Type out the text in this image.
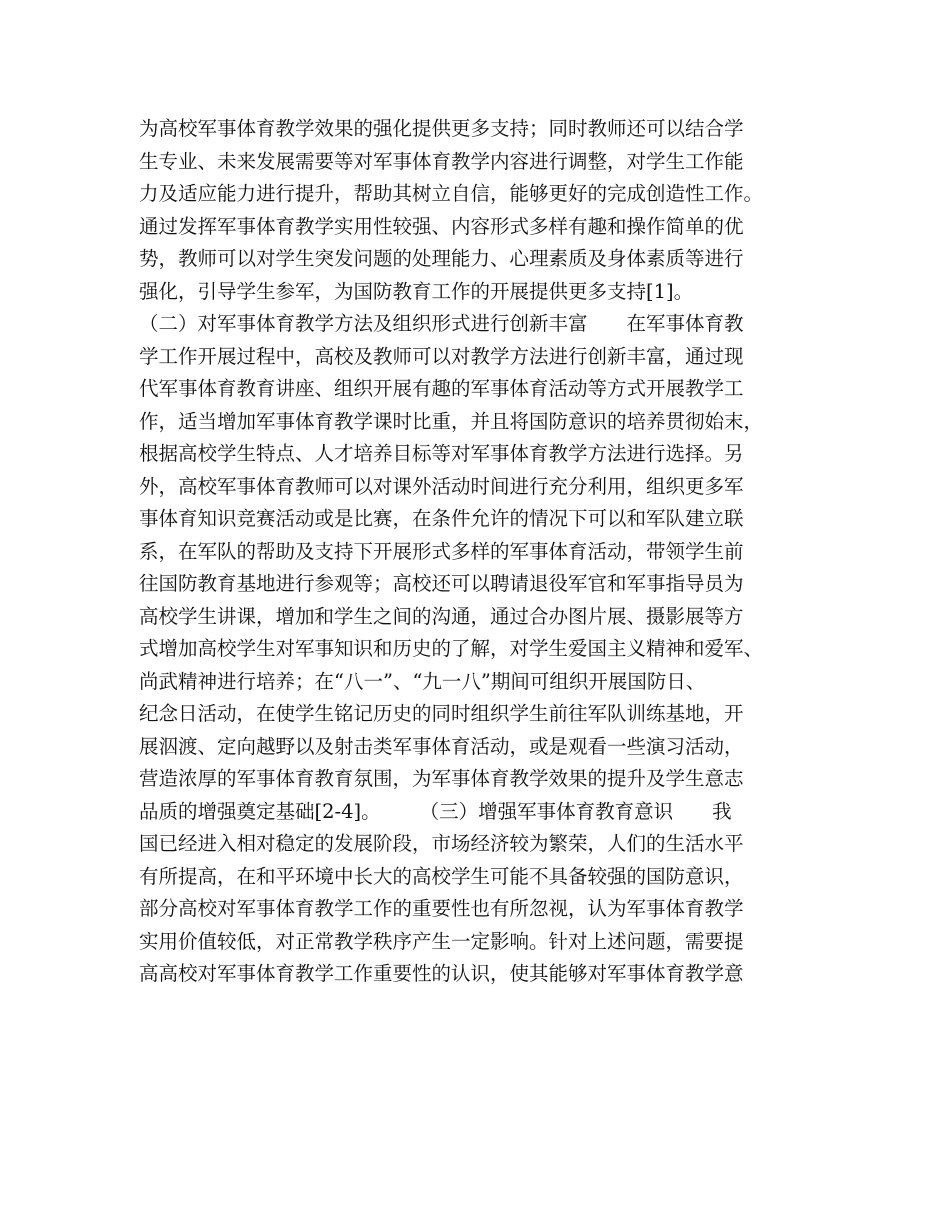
为高校军事体育教学效果的强化提供更多支持；同时教师还可以结合学
生专业、未来发展需要等对军事体育教学内容进行调整，对学生工作能
力及适应能力进行提升，帮助其树立自信，能够更好的完成创造性工作。
通过发挥军事体育教学实用性较强、内容形式多样有趣和操作简单的优
势，教师可以对学生突发问题的处理能力、心理素质及身体素质等进行
强化，引导学生参军，为国防教育工作的开展提供更多支持[1]。
（二）对军事体育教学方法及组织形式进行创新丰富　　在军事体育教
学工作开展过程中，高校及教师可以对教学方法进行创新丰富，通过现
代军事体育教育讲座、组织开展有趣的军事体育活动等方式开展教学工
作，适当增加军事体育教学课时比重，并且将国防意识的培养贯彻始末，
根据高校学生特点、人才培养目标等对军事体育教学方法进行选择。另
外，高校军事体育教师可以对课外活动时间进行充分利用，组织更多军
事体育知识竞赛活动或是比赛，在条件允许的情况下可以和军队建立联
系，在军队的帮助及支持下开展形式多样的军事体育活动，带领学生前
往国防教育基地进行参观等；高校还可以聘请退役军官和军事指导员为
高校学生讲课，增加和学生之间的沟通，通过合办图片展、摄影展等方
式增加高校学生对军事知识和历史的了解，对学生爱国主义精神和爱军、
尚武精神进行培养；在“八一”、“九一八”期间可组织开展国防日、
纪念日活动，在使学生铭记历史的同时组织学生前往军队训练基地，开
展泅渡、定向越野以及射击类军事体育活动，或是观看一些演习活动，
营造浓厚的军事体育教育氛围，为军事体育教学效果的提升及学生意志
品质的增强奠定基础[2-4]。　　　（三）增强军事体育教育意识　　我
国已经进入相对稳定的发展阶段，市场经济较为繁荣，人们的生活水平
有所提高，在和平环境中长大的高校学生可能不具备较强的国防意识，
部分高校对军事体育教学工作的重要性也有所忽视，认为军事体育教学
实用价值较低，对正常教学秩序产生一定影响。针对上述问题，需要提
高高校对军事体育教学工作重要性的认识，使其能够对军事体育教学意
